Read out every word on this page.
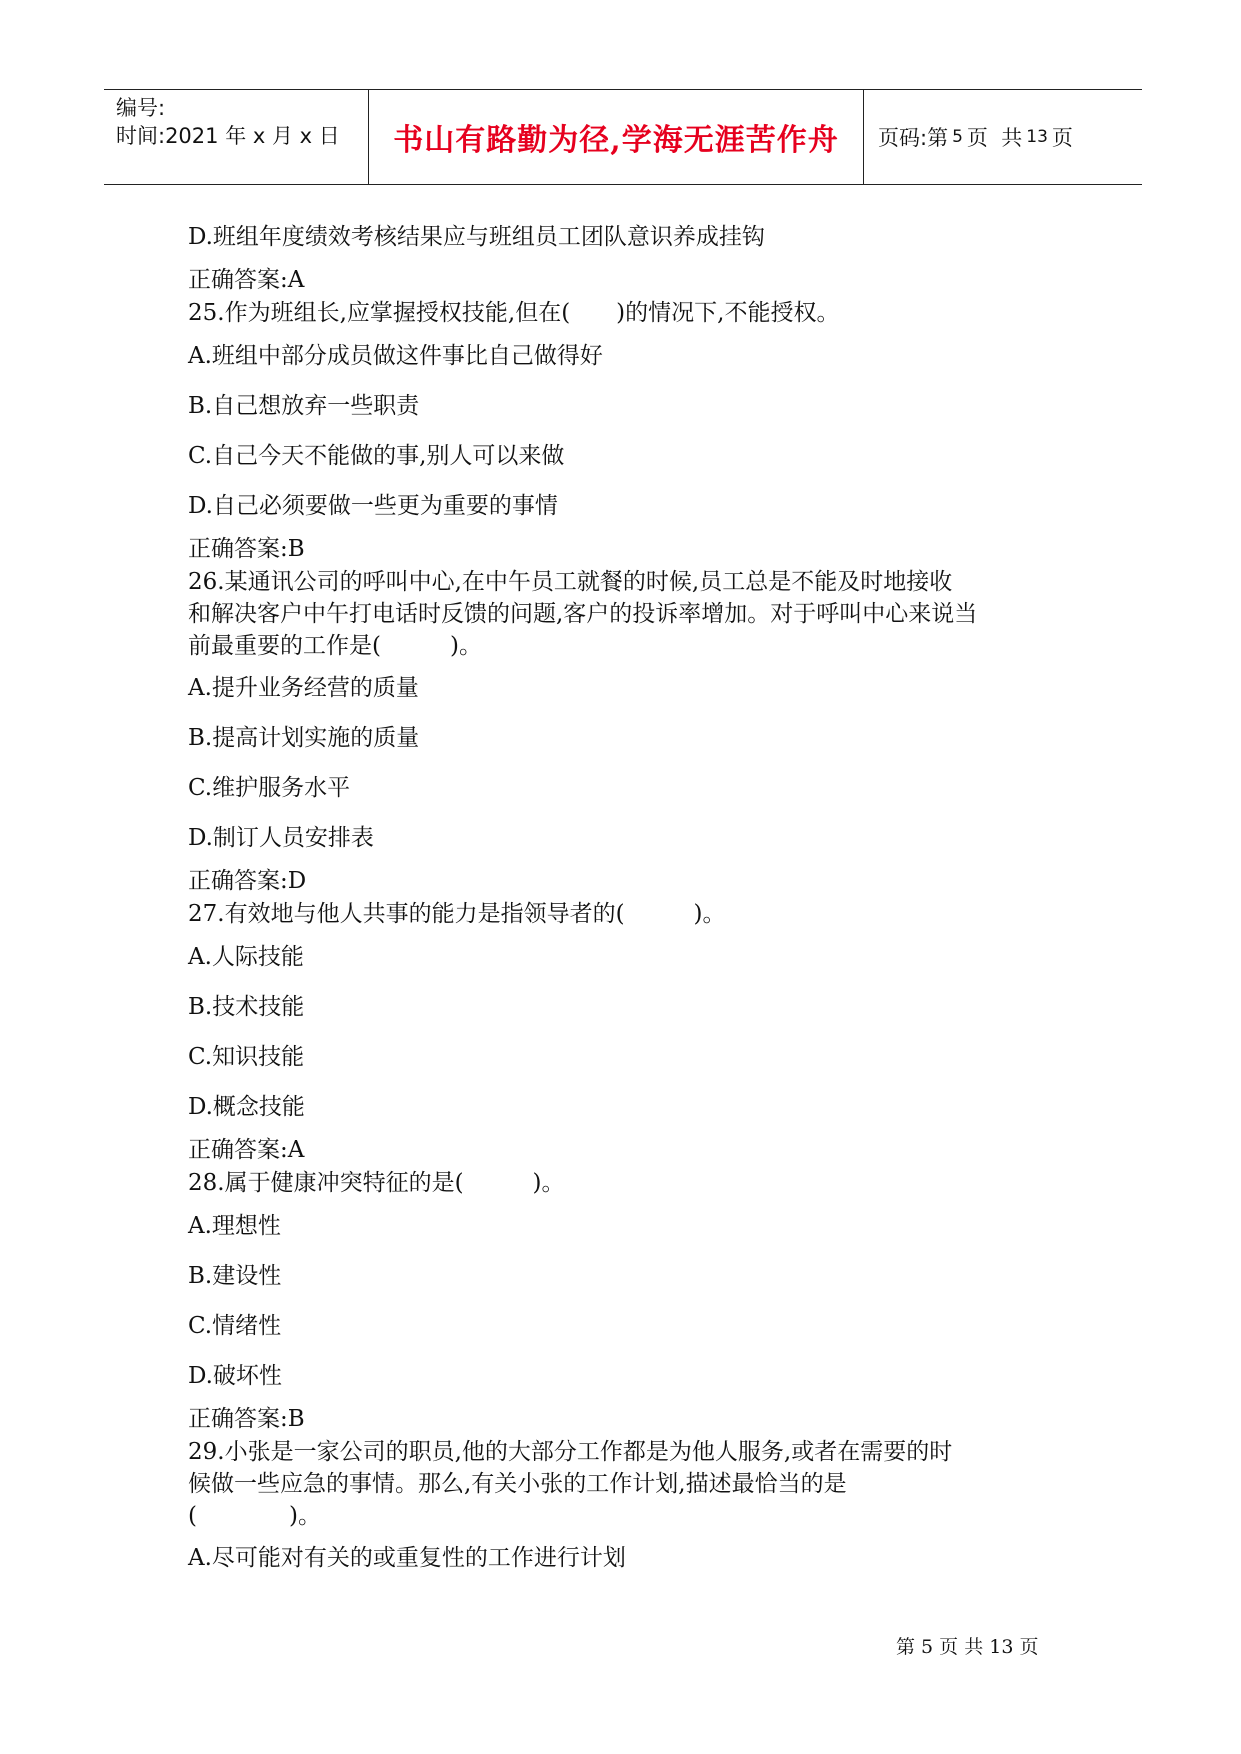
编号:
时间:2021 年 x 月 x 日 书山有路勤为径,学海无涯苦作舟 页码:第 5 页  共 13 页
D.班组年度绩效考核结果应与班组员工团队意识养成挂钩
正确答案:A
25.作为班组长,应掌握授权技能,但在(　　)的情况下,不能授权。
A.班组中部分成员做这件事比自己做得好
B.自己想放弃一些职责
C.自己今天不能做的事,别人可以来做
D.自己必须要做一些更为重要的事情
正确答案:B
26.某通讯公司的呼叫中心,在中午员工就餐的时候,员工总是不能及时地接收
和解决客户中午打电话时反馈的问题,客户的投诉率增加。对于呼叫中心来说当
前最重要的工作是(　　　)。
A.提升业务经营的质量
B.提高计划实施的质量
C.维护服务水平
D.制订人员安排表
正确答案:D
27.有效地与他人共事的能力是指领导者的(　　　)。
A.人际技能
B.技术技能
C.知识技能
D.概念技能
正确答案:A
28.属于健康冲突特征的是(　　　)。
A.理想性
B.建设性
C.情绪性
D.破坏性
正确答案:B
29.小张是一家公司的职员,他的大部分工作都是为他人服务,或者在需要的时
候做一些应急的事情。那么,有关小张的工作计划,描述最恰当的是
(　　　　)。
A.尽可能对有关的或重复性的工作进行计划
第 5 页 共 13 页
